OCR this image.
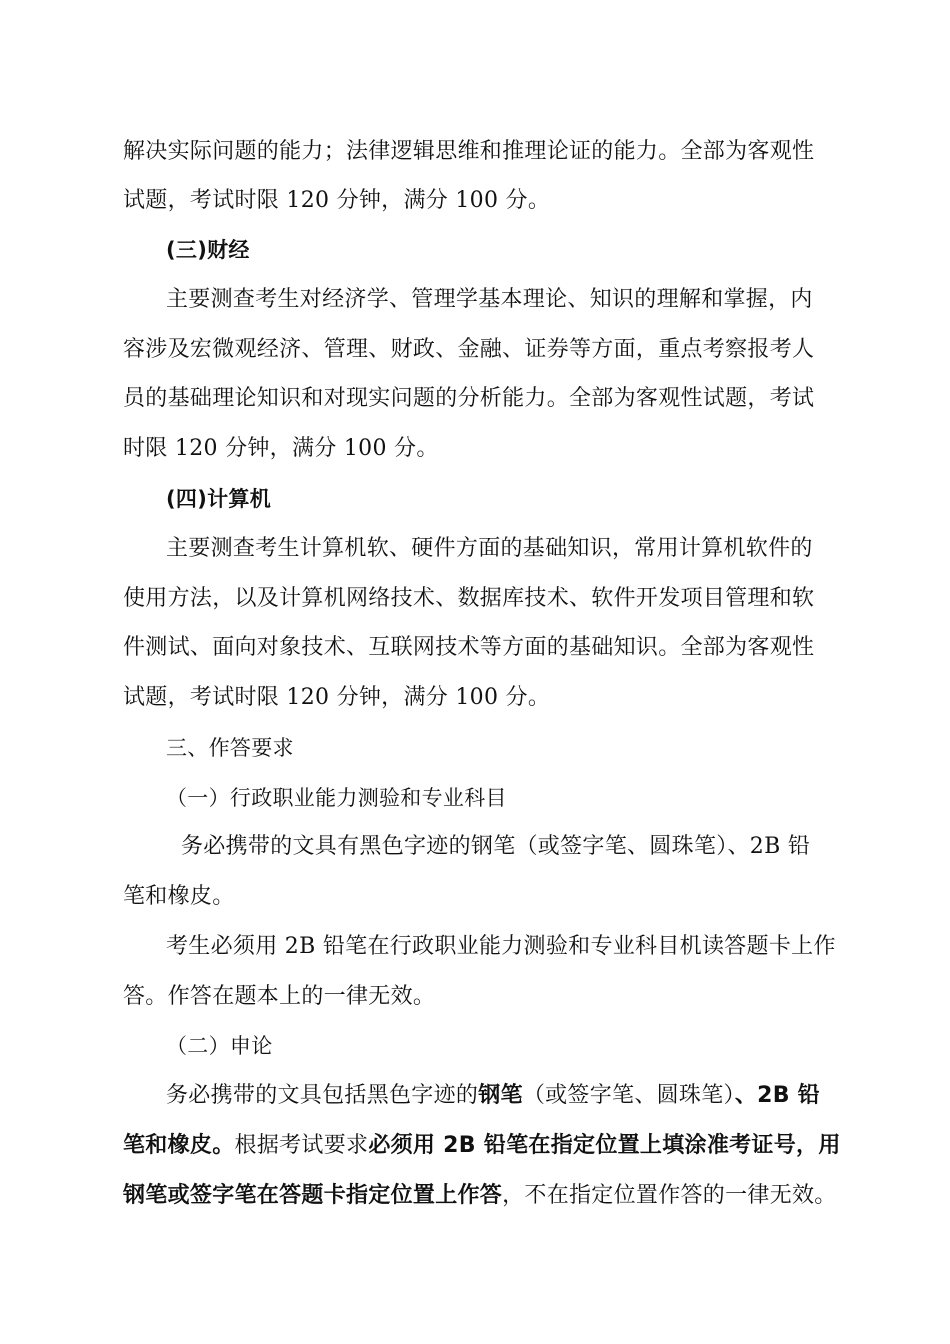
解决实际问题的能力；法律逻辑思维和推理论证的能力。全部为客观性
试题，考试时限 120 分钟，满分 100 分。
(三)财经
主要测查考生对经济学、管理学基本理论、知识的理解和掌握，内
容涉及宏微观经济、管理、财政、金融、证券等方面，重点考察报考人
员的基础理论知识和对现实问题的分析能力。全部为客观性试题，考试
时限 120 分钟，满分 100 分。
(四)计算机
主要测查考生计算机软、硬件方面的基础知识，常用计算机软件的
使用方法，以及计算机网络技术、数据库技术、软件开发项目管理和软
件测试、面向对象技术、互联网技术等方面的基础知识。全部为客观性
试题，考试时限 120 分钟，满分 100 分。
三、作答要求
（一）行政职业能力测验和专业科目
务必携带的文具有黑色字迹的钢笔（或签字笔、圆珠笔）、2B 铅
笔和橡皮。
考生必须用 2B 铅笔在行政职业能力测验和专业科目机读答题卡上作
答。作答在题本上的一律无效。
（二）申论
务必携带的文具包括黑色字迹的钢笔（或签字笔、圆珠笔）、2B 铅
笔和橡皮。根据考试要求必须用 2B 铅笔在指定位置上填涂准考证号，用
钢笔或签字笔在答题卡指定位置上作答，不在指定位置作答的一律无效。
